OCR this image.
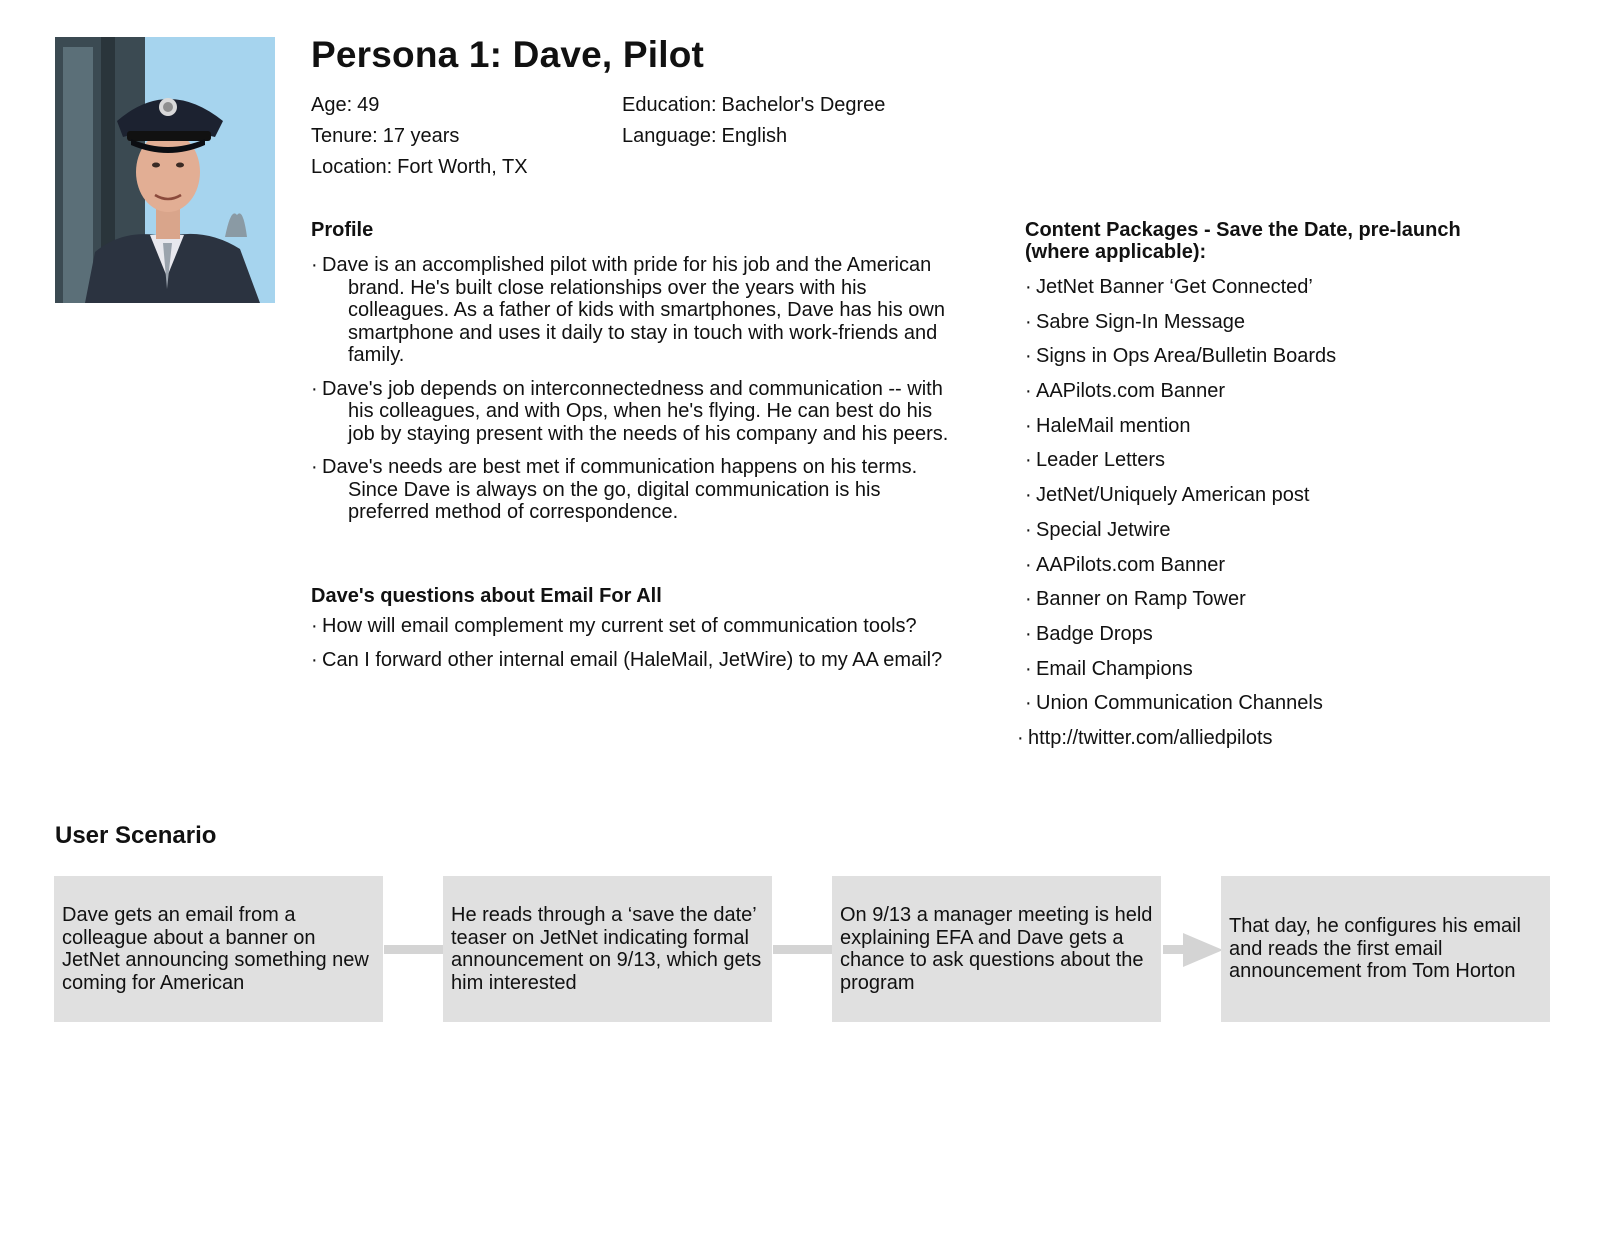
Persona 1: Dave, Pilot
Age: 49
Tenure: 17 years
Location: Fort Worth, TX
Education: Bachelor's Degree
Language: English
Profile
· Dave is an accomplished pilot with pride for his job and the American brand. He's built close relationships over the years with his colleagues. As a father of kids with smartphones, Dave has his own smartphone and uses it daily to stay in touch with work-friends and family.
· Dave's job depends on interconnectedness and communication -- with his colleagues, and with Ops, when he's flying. He can best do his job by staying present with the needs of his company and his peers.
· Dave's needs are best met if communication happens on his terms. Since Dave is always on the go, digital communication is his preferred method of correspondence.
Dave's questions about Email For All
· How will email complement my current set of communication tools?
· Can I forward other internal email (HaleMail, JetWire) to my AA email?
Content Packages - Save the Date, pre-launch (where applicable):
· JetNet Banner ‘Get Connected’
· Sabre Sign-In Message
· Signs in Ops Area/Bulletin Boards
· AAPilots.com Banner
· HaleMail mention
· Leader Letters
· JetNet/Uniquely American post
· Special Jetwire
· AAPilots.com Banner
· Banner on Ramp Tower
· Badge Drops
· Email Champions
· Union Communication Channels
· http://twitter.com/alliedpilots
User Scenario

Dave gets an email from a colleague about a banner on JetNet announcing something new coming for American

He reads through a ‘save the date’ teaser on JetNet indicating formal announcement on 9/13, which gets him interested

On 9/13 a manager meeting is held explaining EFA and Dave gets a chance to ask questions about the program

That day, he configures his email and reads the first email announcement from Tom Horton
